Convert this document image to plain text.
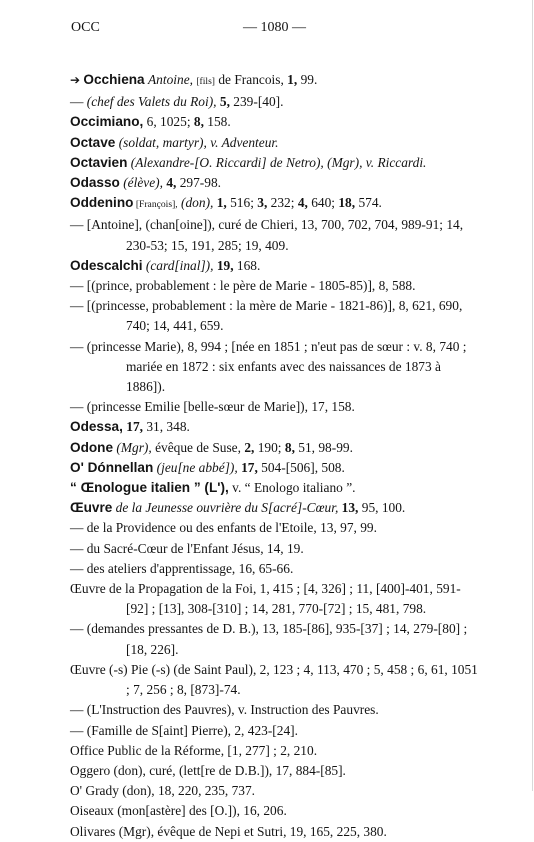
OCC	— 1080 —
➔ Occhiena Antoine, [fils] de Francois, 1, 99.
— (chef des Valets du Roi), 5, 239-[40].
Occimiano, 6, 1025; 8, 158.
Octave (soldat, martyr), v. Adventeur.
Octavien (Alexandre-[O. Riccardi] de Netro), (Mgr), v. Riccardi.
Odasso (élève), 4, 297-98.
Oddenino [François], (don), 1, 516; 3, 232; 4, 640; 18, 574.
— [Antoine], (chan[oine]), curé de Chieri, 13, 700, 702, 704, 989-91; 14, 230-53; 15, 191, 285; 19, 409.
Odescalchi (card[inal]), 19, 168.
— [(prince, probablement : le père de Marie - 1805-85)], 8, 588.
— [(princesse, probablement : la mère de Marie - 1821-86)], 8, 621, 690, 740; 14, 441, 659.
— (princesse Marie), 8, 994 ; [née en 1851 ; n'eut pas de sœur : v. 8, 740 ; mariée en 1872 : six enfants avec des naissances de 1873 à 1886]).
— (princesse Emilie [belle-sœur de Marie]), 17, 158.
Odessa, 17, 31, 348.
Odone (Mgr), évêque de Suse, 2, 190; 8, 51, 98-99.
O' Dónnellan (jeu[ne abbé]), 17, 504-[506], 508.
“ Œnologue italien ” (L'), v. “ Enologo italiano ”.
Œuvre de la Jeunesse ouvrière du S[acré]-Cœur, 13, 95, 100.
— de la Providence ou des enfants de l'Etoile, 13, 97, 99.
— du Sacré-Cœur de l'Enfant Jésus, 14, 19.
— des ateliers d'apprentissage, 16, 65-66.
Œuvre de la Propagation de la Foi, 1, 415 ; [4, 326] ; 11, [400]-401, 591-[92] ; [13], 308-[310] ; 14, 281, 770-[72] ; 15, 481, 798.
— (demandes pressantes de D. B.), 13, 185-[86], 935-[37] ; 14, 279-[80] ; [18, 226].
Œuvre (-s) Pie (-s) (de Saint Paul), 2, 123 ; 4, 113, 470 ; 5, 458 ; 6, 61, 1051 ; 7, 256 ; 8, [873]-74.
— (L'Instruction des Pauvres), v. Instruction des Pauvres.
— (Famille de S[aint] Pierre), 2, 423-[24].
Office Public de la Réforme, [1, 277] ; 2, 210.
Oggero (don), curé, (lett[re de D.B.]), 17, 884-[85].
O' Grady (don), 18, 220, 235, 737.
Oiseaux (mon[astère] des [O.]), 16, 206.
Olivares (Mgr), évêque de Nepi et Sutri, 19, 165, 225, 380.
